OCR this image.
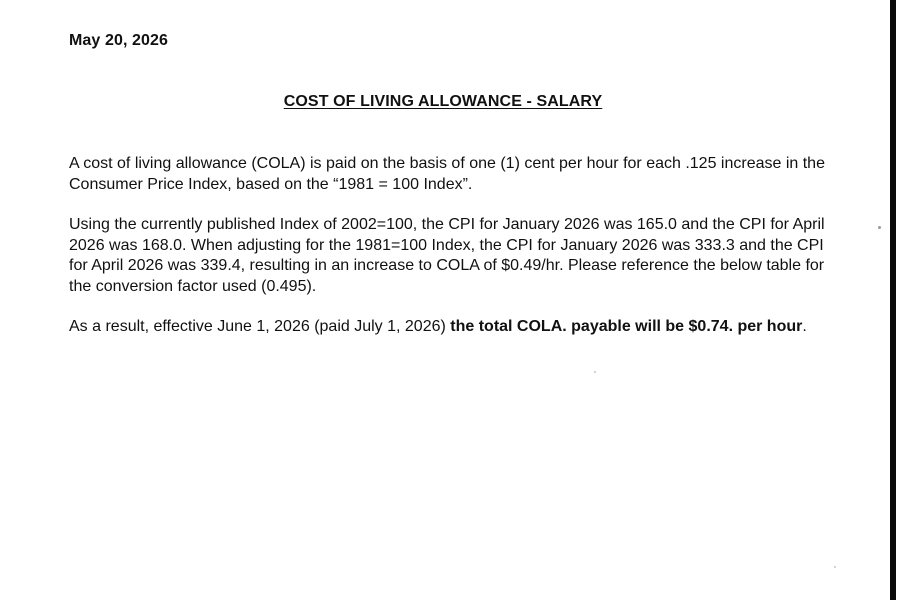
May 20, 2026
COST OF LIVING ALLOWANCE - SALARY

A cost of living allowance (COLA) is paid on the basis of one (1) cent per hour for each .125 increase in the Consumer Price Index, based on the “1981 = 100 Index”.

Using the currently published Index of 2002=100, the CPI for January 2026 was 165.0 and the CPI for April 2026 was 168.0. When adjusting for the 1981=100 Index, the CPI for January 2026 was 333.3 and the CPI for April 2026 was 339.4, resulting in an increase to COLA of $0.49/hr. Please reference the below table for the conversion factor used (0.495).

As a result, effective June 1, 2026 (paid July 1, 2026) the total COLA. payable will be $0.74. per hour.
